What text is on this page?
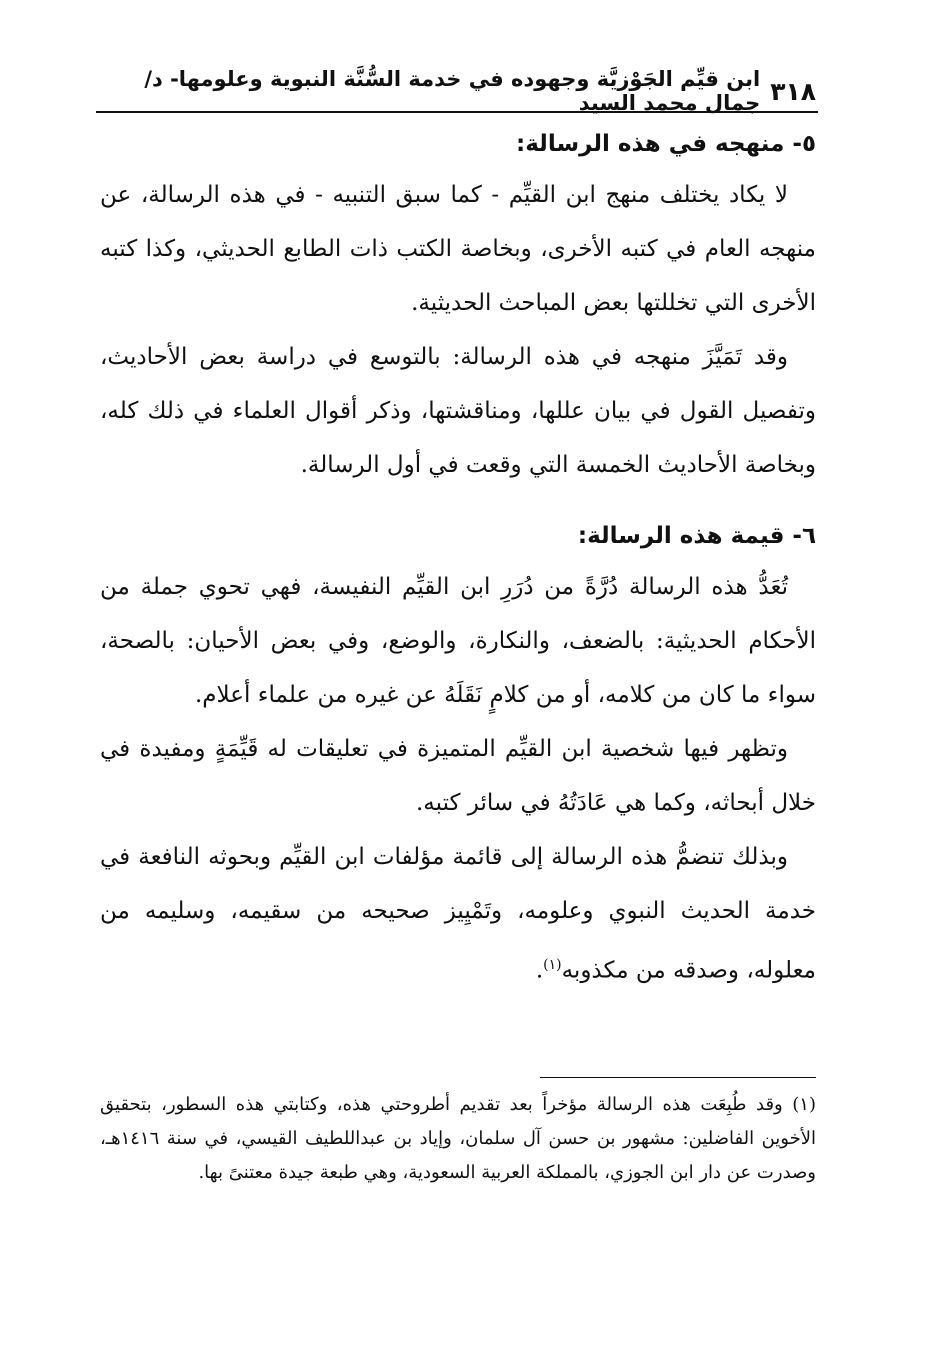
٣١٨
ابن قيِّم الجَوْزيَّة وجهوده في خدمة السُّنَّة النبوية وعلومها- د/جمال محمد السيد
٥- منهجه في هذه الرسالة:

لا يكاد يختلف منهج ابن القيِّم - كما سبق التنبيه - في هذه الرسالة، عن منهجه العام في كتبه الأخرى، وبخاصة الكتب ذات الطابع الحديثي، وكذا كتبه الأخرى التي تخللتها بعض المباحث الحديثية.

وقد تَمَيَّزَ منهجه في هذه الرسالة: بالتوسع في دراسة بعض الأحاديث، وتفصيل القول في بيان عللها، ومناقشتها، وذكر أقوال العلماء في ذلك كله، وبخاصة الأحاديث الخمسة التي وقعت في أول الرسالة.

٦- قيمة هذه الرسالة:

تُعَدُّ هذه الرسالة دُرَّةً من دُرَرِ ابن القيِّم النفيسة، فهي تحوي جملة من الأحكام الحديثية: بالضعف، والنكارة، والوضع، وفي بعض الأحيان: بالصحة، سواء ما كان من كلامه، أو من كلامٍ نَقَلَهُ عن غيره من علماء أعلام.

وتظهر فيها شخصية ابن القيِّم المتميزة في تعليقات له قَيِّمَةٍ ومفيدة في خلال أبحاثه، وكما هي عَادَتُهُ في سائر كتبه.

وبذلك تنضمُّ هذه الرسالة إلى قائمة مؤلفات ابن القيِّم وبحوثه النافعة في خدمة الحديث النبوي وعلومه، وتَمْيِيز صحيحه من سقيمه، وسليمه من معلوله، وصدقه من مكذوبه$^{(١)}$.

(١) وقد طُبِعَت هذه الرسالة مؤخراً بعد تقديم أطروحتي هذه، وكتابتي هذه السطور، بتحقيق الأخوين الفاضلين: مشهور بن حسن آل سلمان، وإياد بن عبداللطيف القيسي، في سنة ١٤١٦هـ، وصدرت عن دار ابن الجوزي، بالمملكة العربية السعودية، وهي طبعة جيدة معتنىً بها.
